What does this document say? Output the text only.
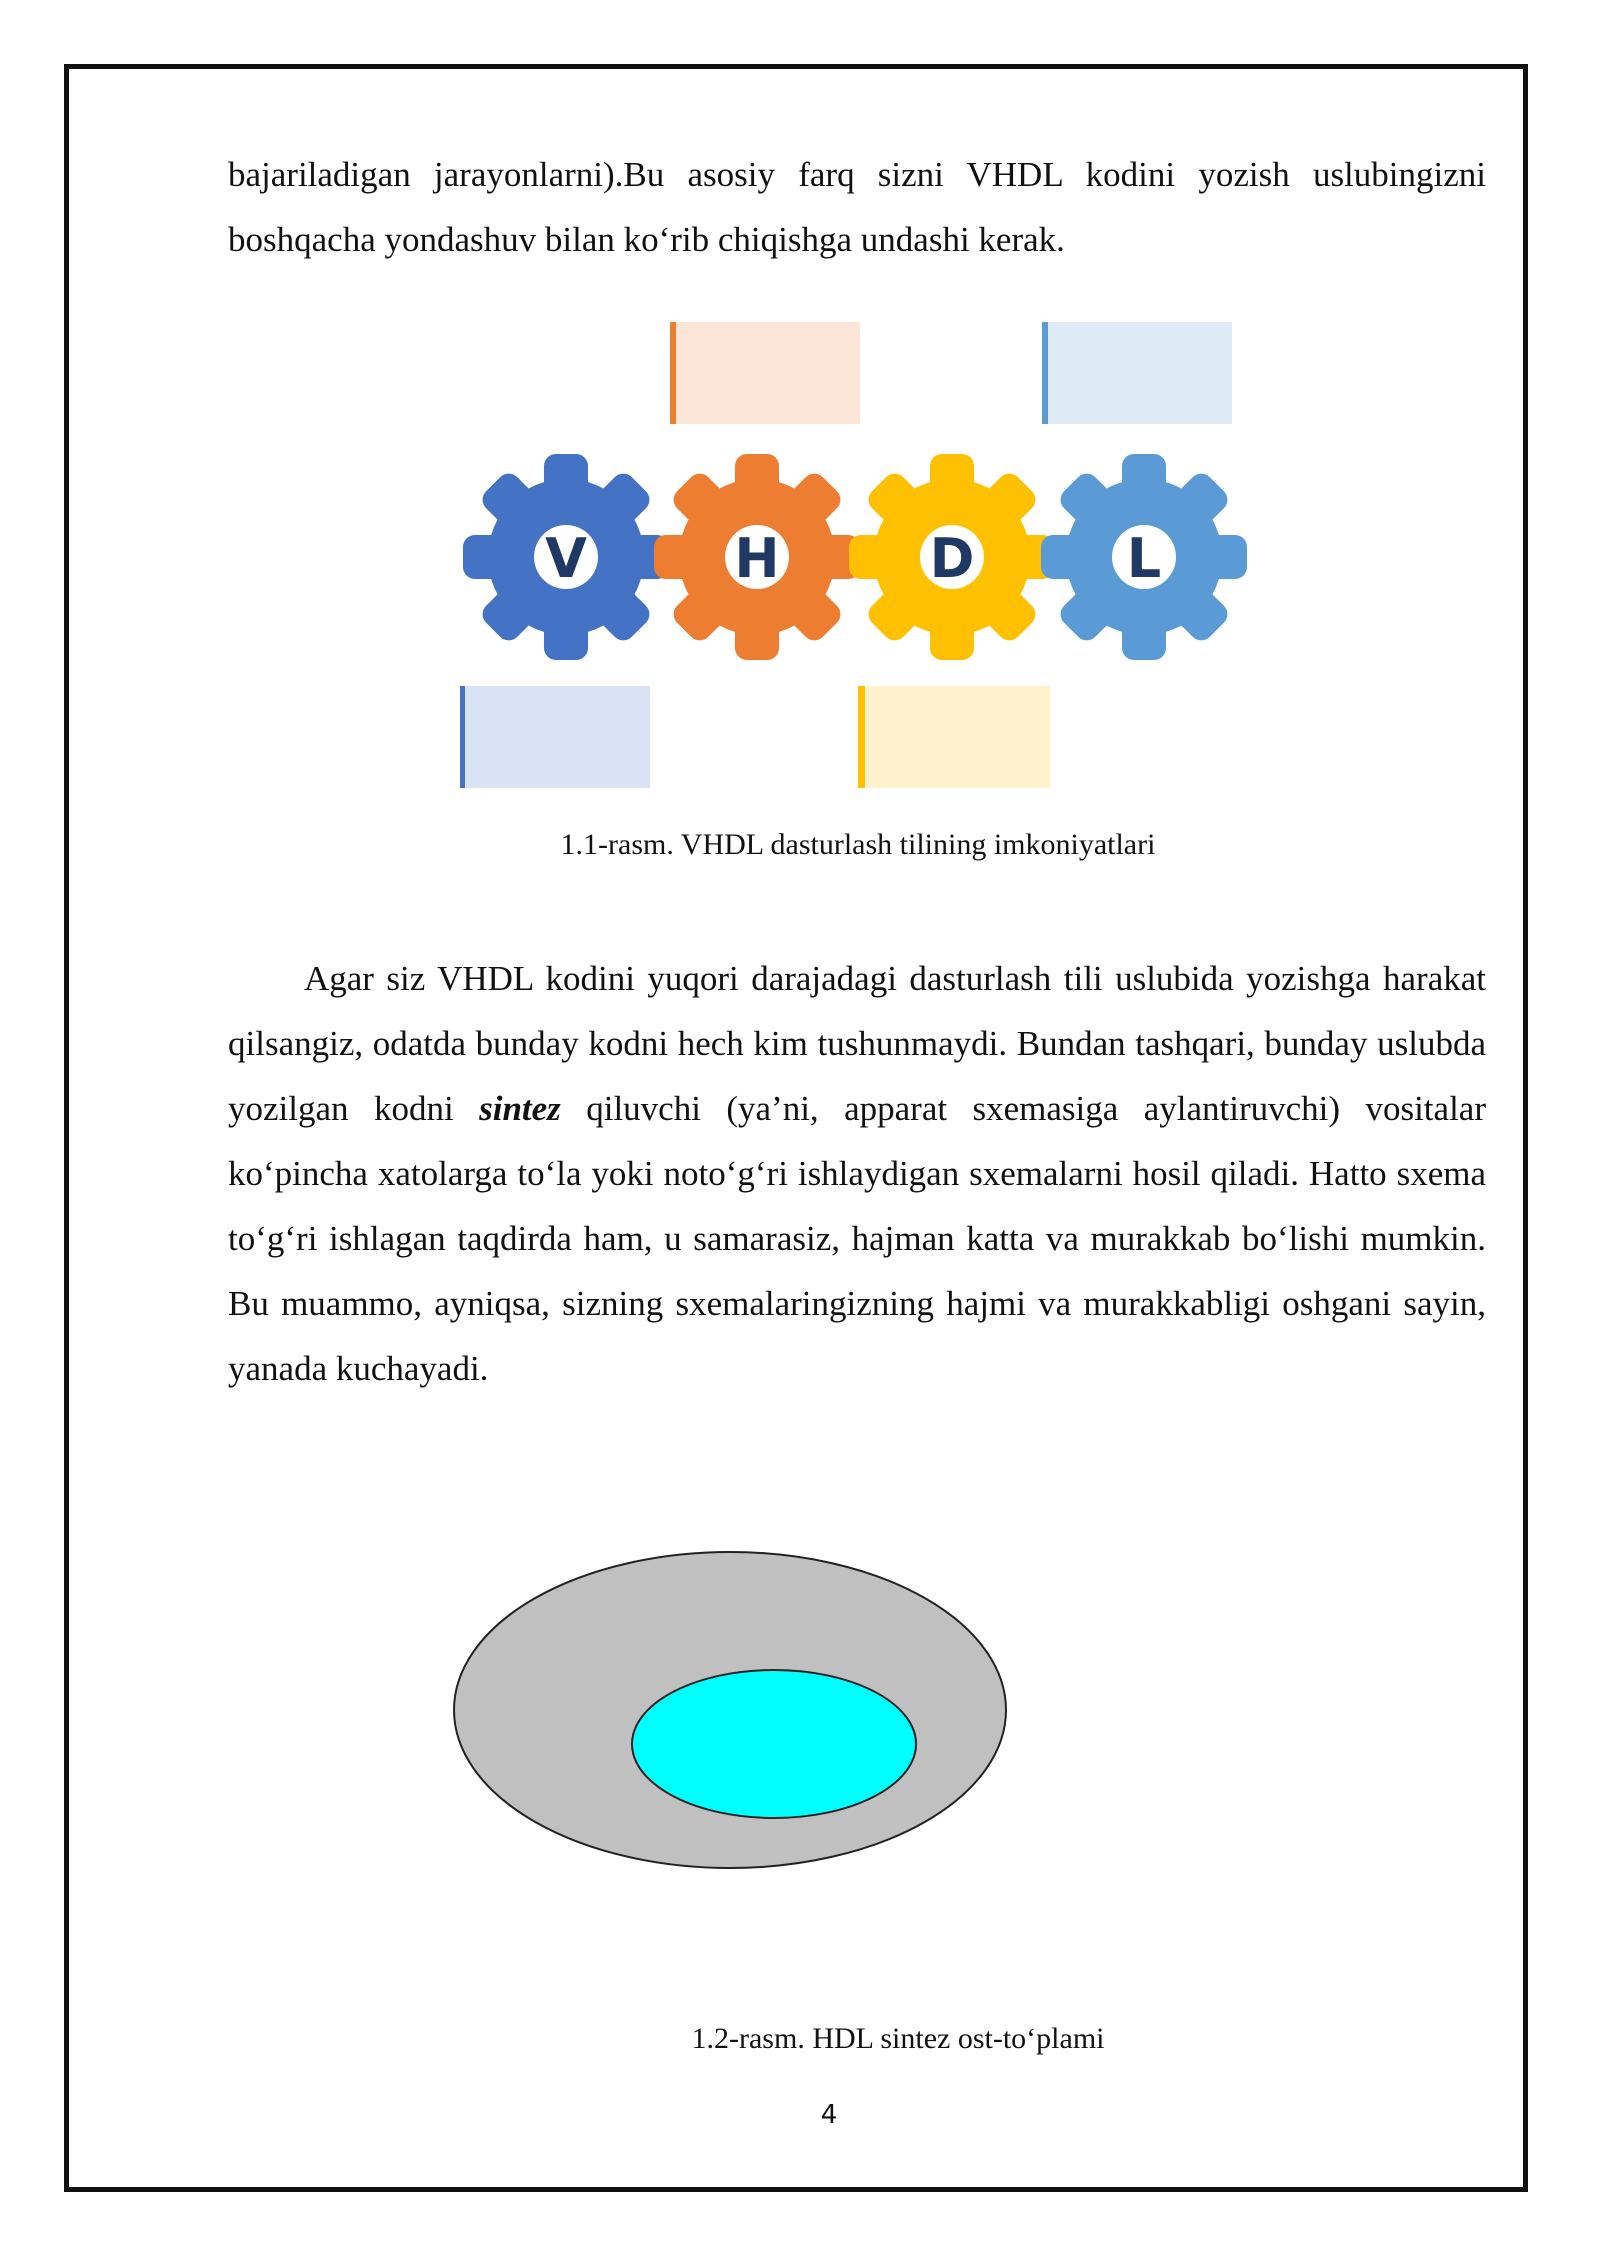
bajariladigan jarayonlarni).Bu asosiy farq sizni VHDL kodini yozish uslubingizni boshqacha yondashuv bilan ko‘rib chiqishga undashi kerak.

V	H	D	L

1.1-rasm. VHDL dasturlash tilining imkoniyatlari

Agar siz VHDL kodini yuqori darajadagi dasturlash tili uslubida yozishga harakat qilsangiz, odatda bunday kodni hech kim tushunmaydi. Bundan tashqari, bunday uslubda yozilgan kodni sintez qiluvchi (ya’ni, apparat sxemasiga aylantiruvchi) vositalar ko‘pincha xatolarga to‘la yoki noto‘g‘ri ishlaydigan sxemalarni hosil qiladi. Hatto sxema to‘g‘ri ishlagan taqdirda ham, u samarasiz, hajman katta va murakkab bo‘lishi mumkin. Bu muammo, ayniqsa, sizning sxemalaringizning hajmi va murakkabligi oshgani sayin, yanada kuchayadi.

1.2-rasm. HDL sintez ost-to‘plami

4
